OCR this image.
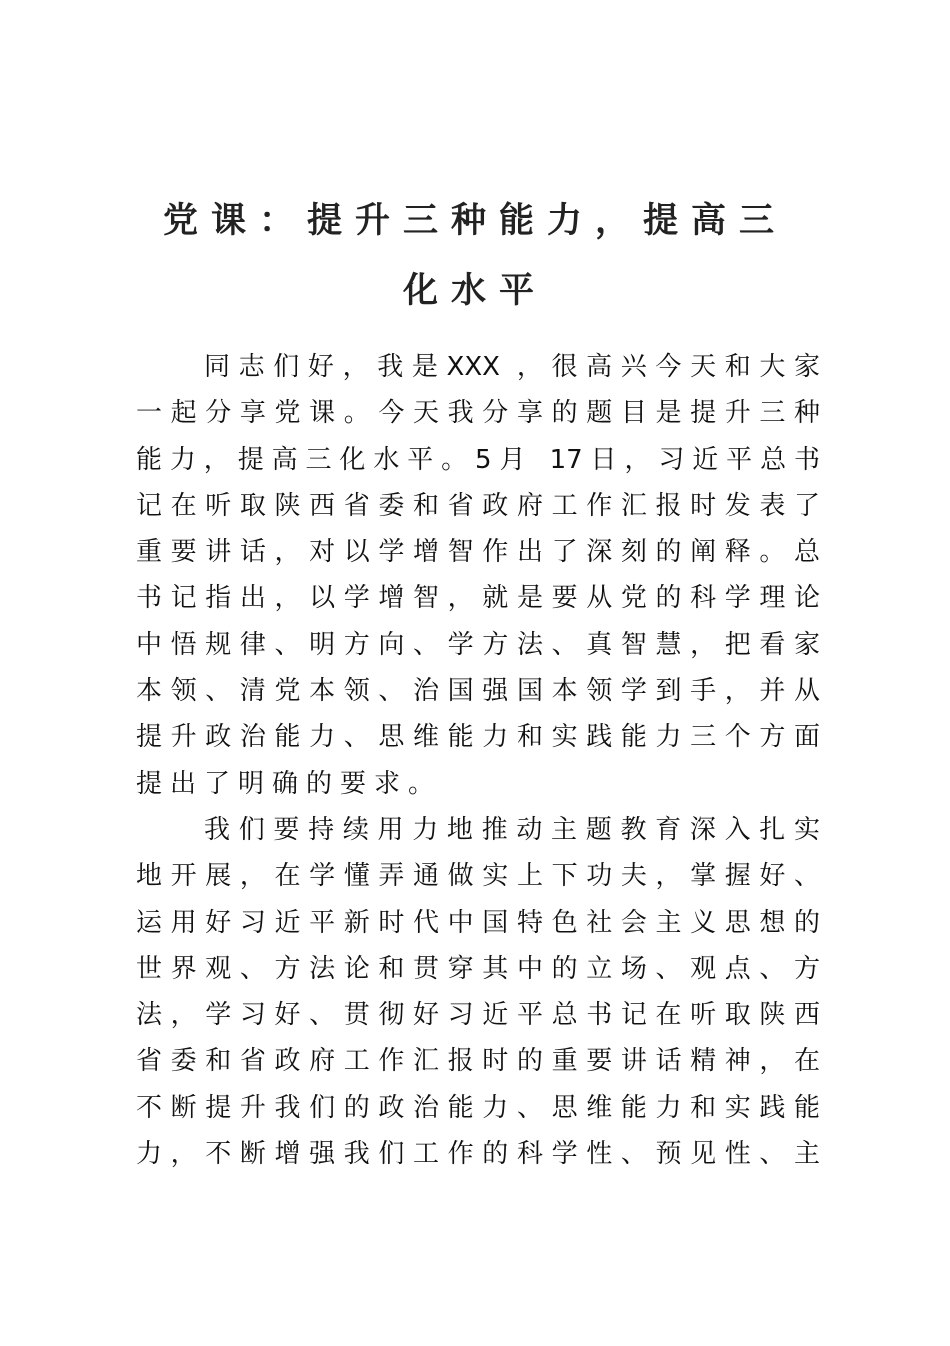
党课：提升三种能力，提高三
化水平
同志们好，我是XXX ，很高兴今天和大家
一起分享党课。今天我分享的题目是提升三种
能力，提高三化水平。5月 17日，习近平总书
记在听取陕西省委和省政府工作汇报时发表了
重要讲话，对以学增智作出了深刻的阐释。总
书记指出，以学增智，就是要从党的科学理论
中悟规律、明方向、学方法、真智慧，把看家
本领、清党本领、治国强国本领学到手，并从
提升政治能力、思维能力和实践能力三个方面
提出了明确的要求。
我们要持续用力地推动主题教育深入扎实
地开展，在学懂弄通做实上下功夫，掌握好、
运用好习近平新时代中国特色社会主义思想的
世界观、方法论和贯穿其中的立场、观点、方
法，学习好、贯彻好习近平总书记在听取陕西
省委和省政府工作汇报时的重要讲话精神，在
不断提升我们的政治能力、思维能力和实践能
力，不断增强我们工作的科学性、预见性、主
